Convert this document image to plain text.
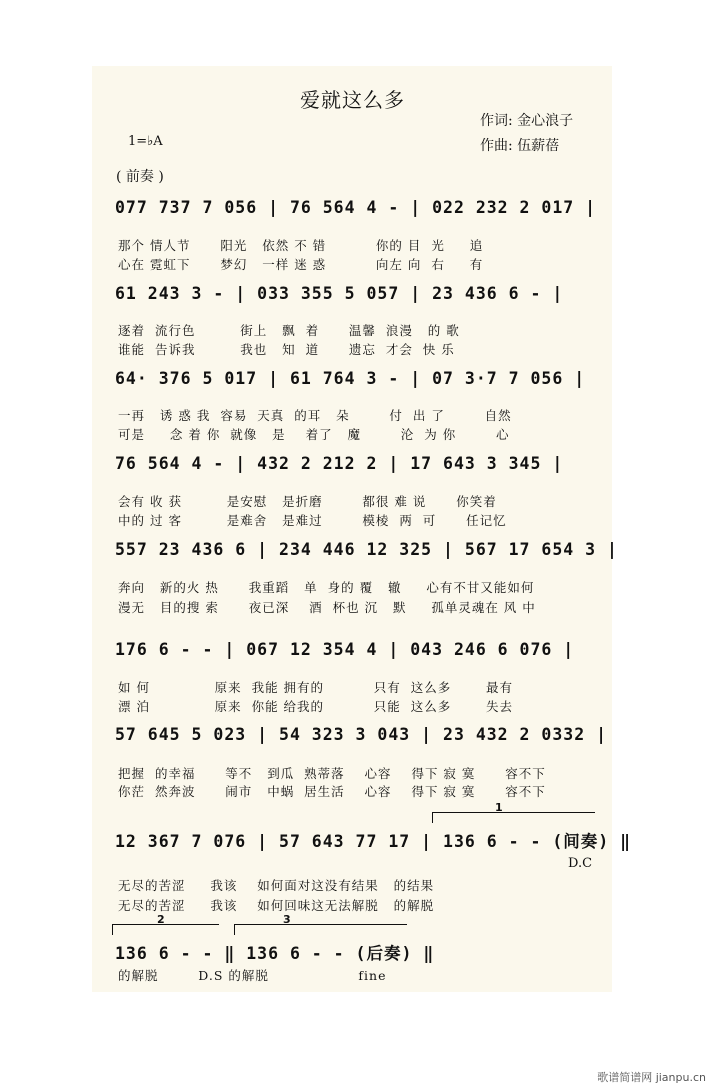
爱就这么多
作词: 金心浪子
作曲: 伍薪蓓
1=♭A
( 前奏 )
077 737 7 056 | 76 564 4 - | 022 232 2 017 |
那个 情人节      阳光   依然 不 错          你的 目  光     追
心在 霓虹下      梦幻   一样 迷 惑          向左 向  右     有
61 243 3 - | 033 355 5 057 | 23 436 6 - |
逐着  流行色         街上   飘  着      温馨  浪漫   的 歌
谁能  告诉我         我也   知  道      遗忘  才会  快 乐
64· 376 5 017 | 61 764 3 - | 07 3·7 7 056 |
一再   诱 惑 我  容易  天真  的耳   朵        付  出 了        自然
可是     念 着 你  就像   是    着了   魔        沦  为 你        心
76 564 4 - | 432 2 212 2 | 17 643 3 345 |
会有 收 获         是安慰   是折磨        都很 难 说      你笑着
中的 过 客         是难舍   是难过        模棱  两  可      任记忆
557 23 436 6 | 234 446 12 325 | 567 17 654 3 |
奔向   新的火 热      我重蹈   单  身的 覆   辙     心有不甘又能如何
漫无   目的搜 索      夜已深    酒  杯也 沉   默     孤单灵魂在 风 中
176 6 - - | 067 12 354 4 | 043 246 6 076 |
如 何             原来  我能 拥有的          只有  这么多       最有
漂 泊             原来  你能 给我的          只能  这么多       失去
57 645 5 023 | 54 323 3 043 | 23 432 2 0332 |
把握  的幸福      等不   到瓜  熟蒂落    心容    得下 寂 寞      容不下
你茫  然奔波      闹市   中蜗  居生活    心容    得下 寂 寞      容不下
1
12 367 7 076 | 57 643 77 17 | 136 6 - - (间奏) ‖
D.C
无尽的苦涩     我该    如何面对这没有结果   的结果
无尽的苦涩     我该    如何回味这无法解脱   的解脱
2	3
136 6 - - ‖ 136 6 - - (后奏) ‖
的解脱        D.S 的解脱                  fine
歌谱简谱网 jianpu.cn
